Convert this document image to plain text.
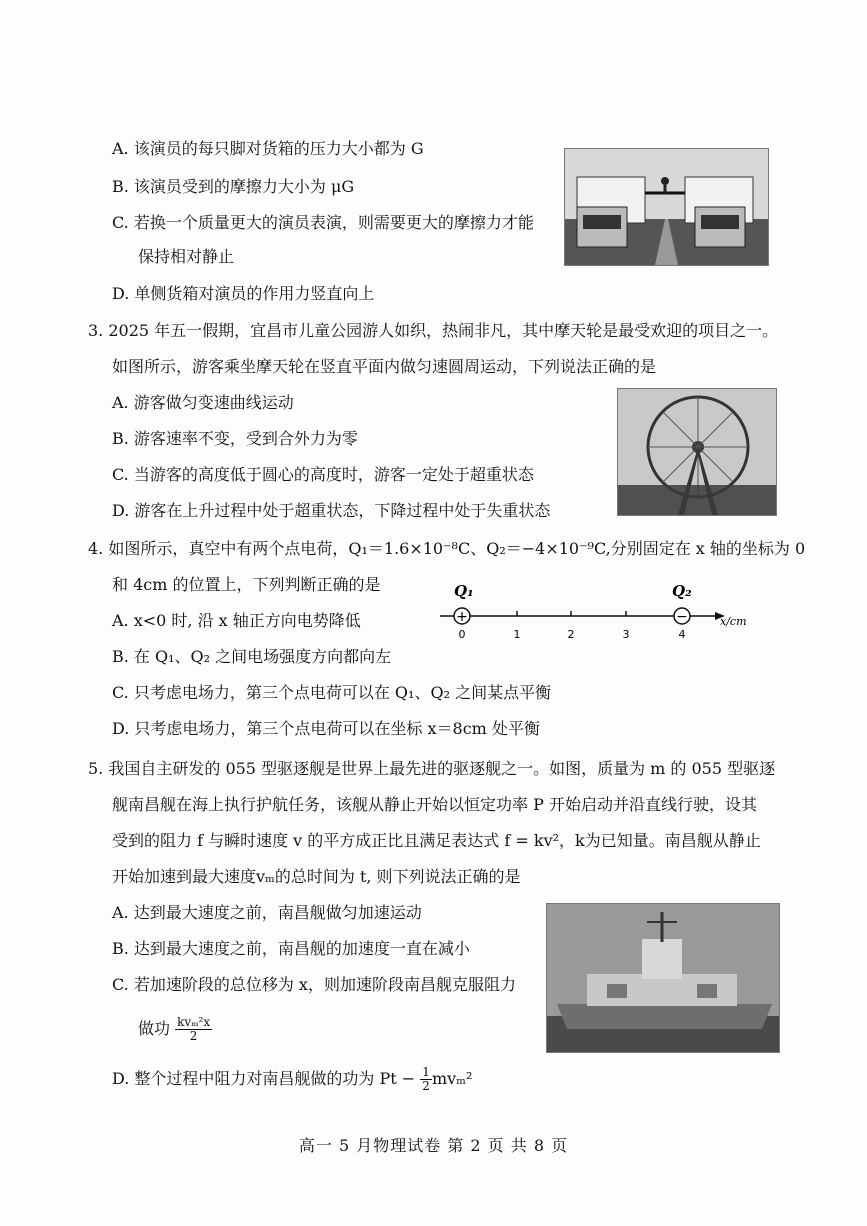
A. 该演员的每只脚对货箱的压力大小都为 G
B. 该演员受到的摩擦力大小为 μG
C. 若换一个质量更大的演员表演，则需要更大的摩擦力才能
保持相对静止
D. 单侧货箱对演员的作用力竖直向上
3. 2025 年五一假期，宜昌市儿童公园游人如织，热闹非凡，其中摩天轮是最受欢迎的项目之一。
如图所示，游客乘坐摩天轮在竖直平面内做匀速圆周运动，下列说法正确的是
A. 游客做匀变速曲线运动
B. 游客速率不变，受到合外力为零
C. 当游客的高度低于圆心的高度时，游客一定处于超重状态
D. 游客在上升过程中处于超重状态，下降过程中处于失重状态
4. 如图所示，真空中有两个点电荷，Q₁＝1.6×10⁻⁸C、Q₂＝−4×10⁻⁹C,分别固定在 x 轴的坐标为 0
和 4cm 的位置上，下列判断正确的是
A. x<0 时, 沿 x 轴正方向电势降低
B. 在 Q₁、Q₂ 之间电场强度方向都向左
C. 只考虑电场力，第三个点电荷可以在 Q₁、Q₂ 之间某点平衡
D. 只考虑电场力，第三个点电荷可以在坐标 x＝8cm 处平衡
Q₁	Q₂
+	−
0	1	2	3	4
x/cm
5. 我国自主研发的 055 型驱逐舰是世界上最先进的驱逐舰之一。如图，质量为 m 的 055 型驱逐
舰南昌舰在海上执行护航任务，该舰从静止开始以恒定功率 P 开始启动并沿直线行驶，设其
受到的阻力 f 与瞬时速度 v 的平方成正比且满足表达式 f = kv²，k为已知量。南昌舰从静止
开始加速到最大速度vₘ的总时间为 t, 则下列说法正确的是
A. 达到最大速度之前，南昌舰做匀加速运动
B. 达到最大速度之前，南昌舰的加速度一直在减小
C. 若加速阶段的总位移为 x，则加速阶段南昌舰克服阻力
做功 $\frac{\text{kvₘ²x}}{2}$
D. 整个过程中阻力对南昌舰做的功为 $Pt - \frac{1}{2} mv_m^2$
高一 5 月物理试卷 第 2 页 共 8 页
